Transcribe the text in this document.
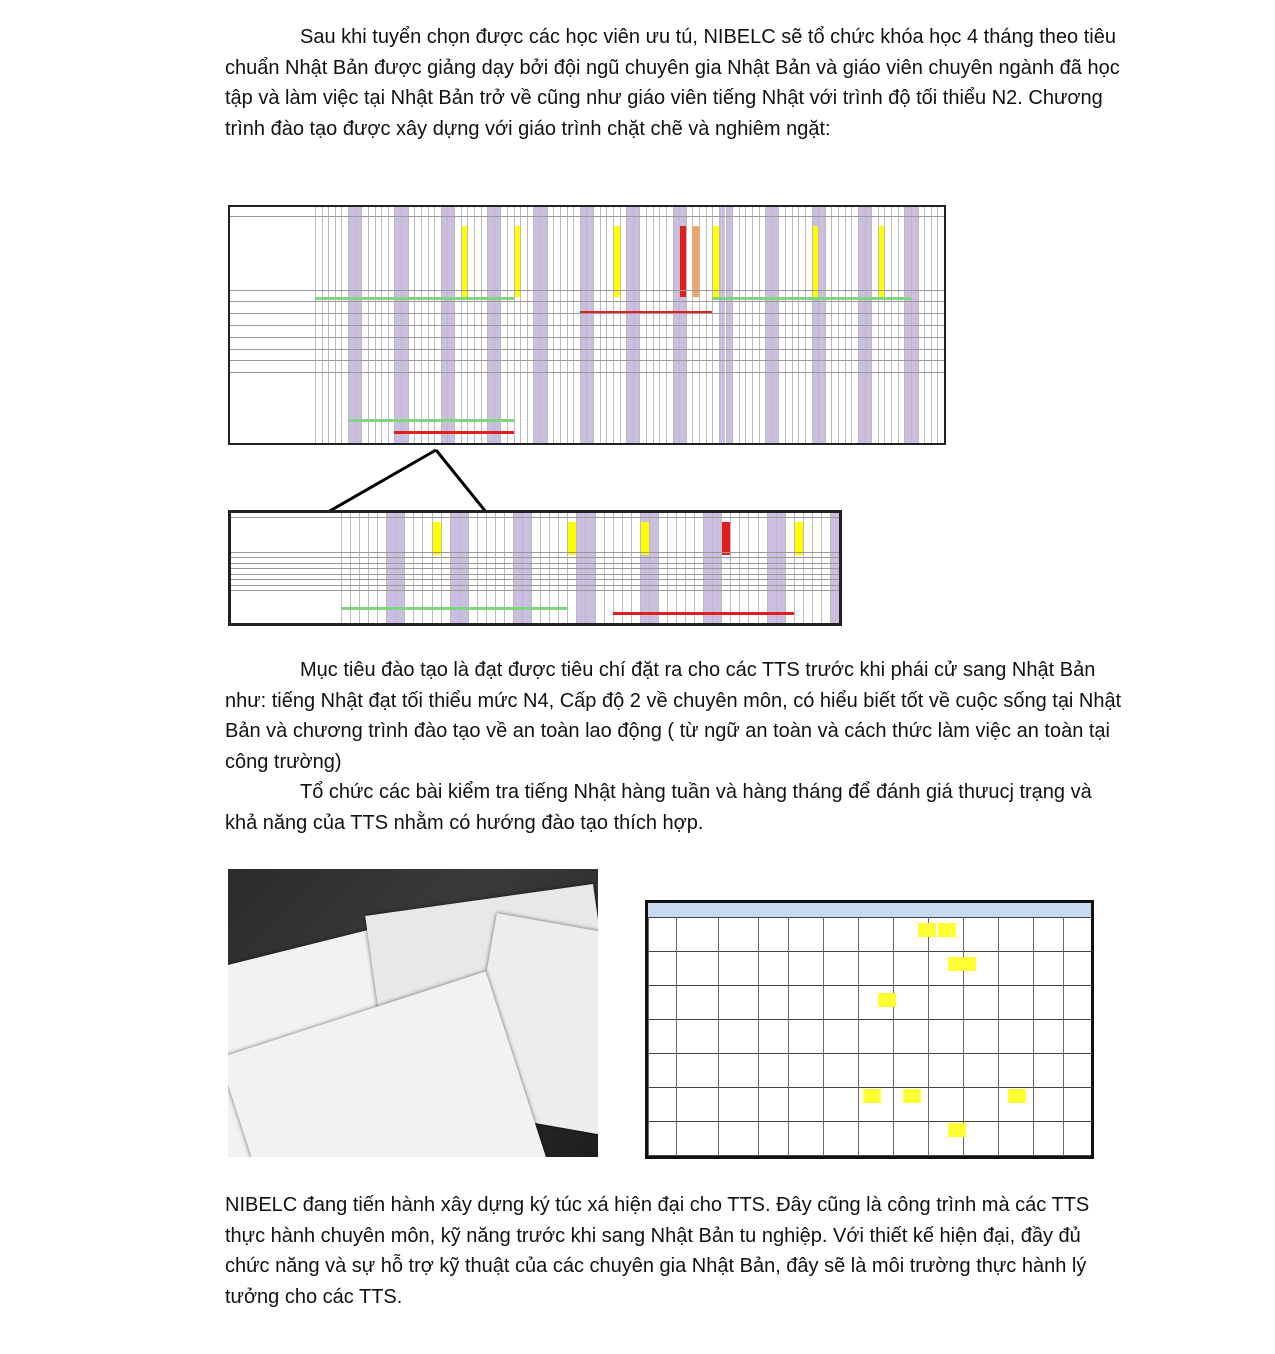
Sau khi tuyển chọn được các học viên ưu tú, NIBELC sẽ tổ chức khóa học 4 tháng theo tiêu chuẩn Nhật Bản được giảng dạy bởi đội ngũ chuyên gia Nhật Bản và giáo viên chuyên ngành đã học tập và làm việc tại Nhật Bản trở về cũng như giáo viên tiếng Nhật với trình độ tối thiểu N2. Chương trình đào tạo được xây dựng với giáo trình chặt chẽ và nghiêm ngặt:

Mục tiêu đào tạo là đạt được tiêu chí đặt ra cho các TTS trước khi phái cử sang Nhật Bản như: tiếng Nhật đạt tối thiểu mức N4, Cấp độ 2 về chuyên môn, có hiểu biết tốt về cuộc sống tại Nhật Bản và chương trình đào tạo về an toàn lao động ( từ ngữ an toàn và cách thức làm việc an toàn tại công trường)

Tổ chức các bài kiểm tra tiếng Nhật hàng tuần và hàng tháng để đánh giá thưucj trạng và khả năng của TTS nhằm có hướng đào tạo thích hợp.

NIBELC đang tiến hành xây dựng ký túc xá hiện đại cho TTS. Đây cũng là công trình mà các TTS thực hành chuyên môn, kỹ năng trước khi sang Nhật Bản tu nghiệp. Với thiết kế hiện đại, đầy đủ chức năng và sự hỗ trợ kỹ thuật của các chuyên gia Nhật Bản, đây sẽ là môi trường thực hành lý tưởng cho các TTS.
